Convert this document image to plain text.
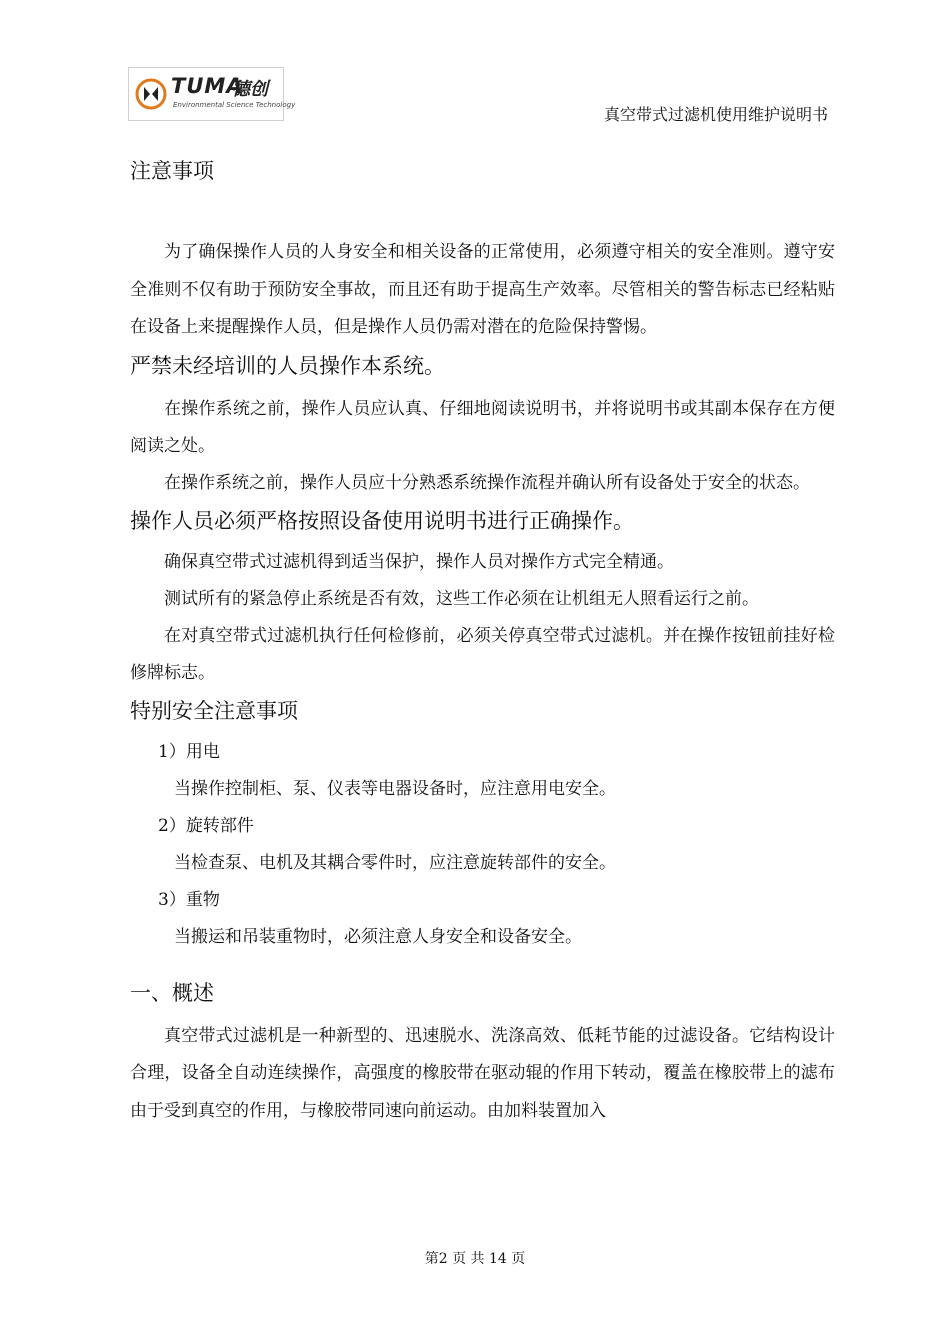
TUMA
德创
Environmental Science Technology	真空带式过滤机使用维护说明书

注意事项

为了确保操作人员的人身安全和相关设备的正常使用，必须遵守相关的安全准则。遵守安全准则不仅有助于预防安全事故，而且还有助于提高生产效率。尽管相关的警告标志已经粘贴在设备上来提醒操作人员，但是操作人员仍需对潜在的危险保持警惕。

严禁未经培训的人员操作本系统。

在操作系统之前，操作人员应认真、仔细地阅读说明书，并将说明书或其副本保存在方便阅读之处。

在操作系统之前，操作人员应十分熟悉系统操作流程并确认所有设备处于安全的状态。

操作人员必须严格按照设备使用说明书进行正确操作。

确保真空带式过滤机得到适当保护，操作人员对操作方式完全精通。

测试所有的紧急停止系统是否有效，这些工作必须在让机组无人照看运行之前。

在对真空带式过滤机执行任何检修前，必须关停真空带式过滤机。并在操作按钮前挂好检修牌标志。

特别安全注意事项

1）用电

当操作控制柜、泵、仪表等电器设备时，应注意用电安全。

2）旋转部件

当检查泵、电机及其耦合零件时，应注意旋转部件的安全。

3）重物

当搬运和吊装重物时，必须注意人身安全和设备安全。

一、概述

真空带式过滤机是一种新型的、迅速脱水、洗涤高效、低耗节能的过滤设备。它结构设计合理，设备全自动连续操作，高强度的橡胶带在驱动辊的作用下转动，覆盖在橡胶带上的滤布由于受到真空的作用，与橡胶带同速向前运动。由加料装置加入

第2 页 共 14 页
